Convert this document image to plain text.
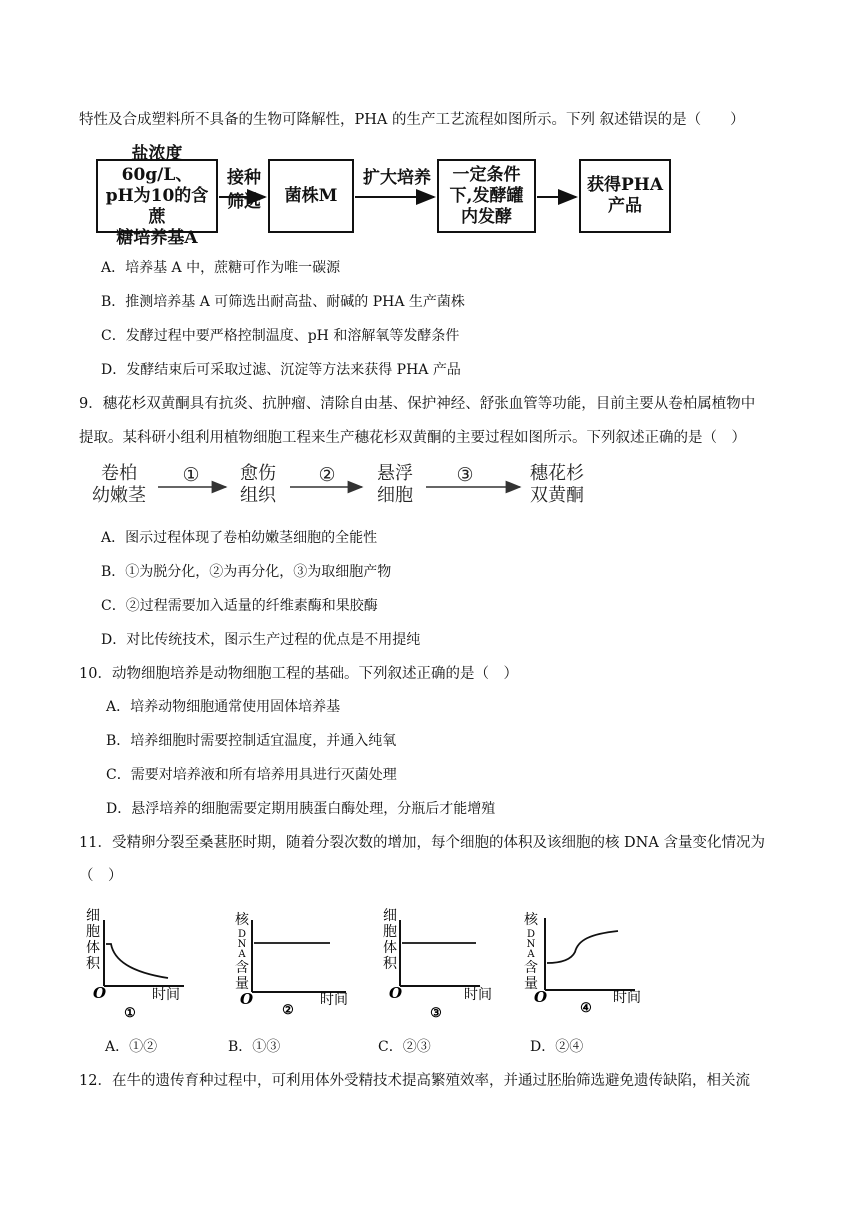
特性及合成塑料所不具备的生物可降解性，PHA 的生产工艺流程如图所示。下列 叙述错误的是（　　）
盐浓度60g/L、
pH为10的含蔗
糖培养基A
接种
筛选	菌株M
扩大培养	一定条件
下,发酵罐
内发酵
获得PHA
产品
A．培养基 A 中，蔗糖可作为唯一碳源
B．推测培养基 A 可筛选出耐高盐、耐碱的 PHA 生产菌株
C．发酵过程中要严格控制温度、pH 和溶解氧等发酵条件
D．发酵结束后可采取过滤、沉淀等方法来获得 PHA 产品
9．穗花杉双黄酮具有抗炎、抗肿瘤、清除自由基、保护神经、舒张血管等功能，目前主要从卷柏属植物中
提取。某科研小组利用植物细胞工程来生产穗花杉双黄酮的主要过程如图所示。下列叙述正确的是（　）
卷柏
幼嫩茎
愈伤
组织
悬浮
细胞
穗花杉
双黄酮
①	②	③
A．图示过程体现了卷柏幼嫩茎细胞的全能性
B．①为脱分化，②为再分化，③为取细胞产物
C．②过程需要加入适量的纤维素酶和果胶酶
D．对比传统技术，图示生产过程的优点是不用提纯
10．动物细胞培养是动物细胞工程的基础。下列叙述正确的是（　）
A．培养动物细胞通常使用固体培养基
B．培养细胞时需要控制适宜温度，并通入纯氧
C．需要对培养液和所有培养用具进行灭菌处理
D．悬浮培养的细胞需要定期用胰蛋白酶处理，分瓶后才能增殖
11．受精卵分裂至桑葚胚时期，随着分裂次数的增加，每个细胞的体积及该细胞的核 DNA 含量变化情况为
（　）
细
胞
体
积
O	时间
①
核
D
N
A
含
量
O	时间
②
细
胞
体
积
O	时间
③
核
D
N
A
含
量
O	时间
④
A．①②	B．①③	C．②③	D．②④
12．在牛的遗传育种过程中，可利用体外受精技术提高繁殖效率，并通过胚胎筛选避免遗传缺陷，相关流
